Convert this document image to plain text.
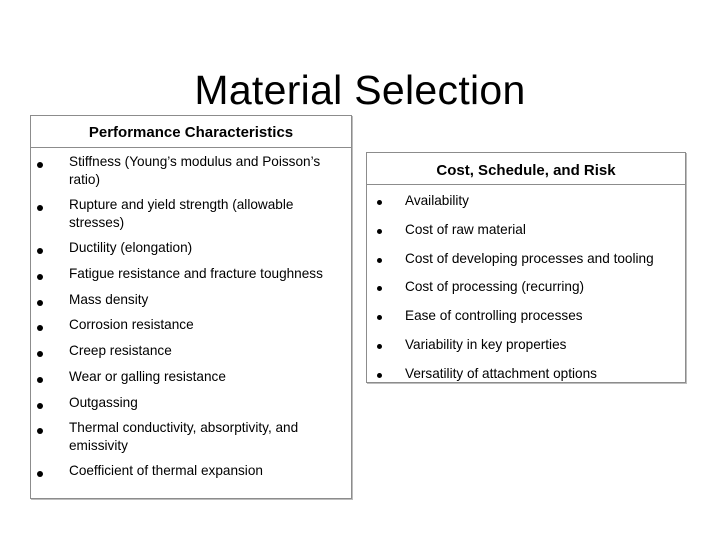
Material Selection
Performance Characteristics
Stiffness (Young’s modulus and Poisson’s ratio)
Rupture and yield strength (allowable stresses)
Ductility (elongation)
Fatigue resistance and fracture toughness
Mass density
Corrosion resistance
Creep resistance
Wear or galling resistance
Outgassing
Thermal conductivity, absorptivity, and emissivity
Coefficient of thermal expansion
Cost, Schedule, and Risk
Availability
Cost of raw material
Cost of developing processes and tooling
Cost of processing (recurring)
Ease of controlling processes
Variability in key properties
Versatility of attachment options
